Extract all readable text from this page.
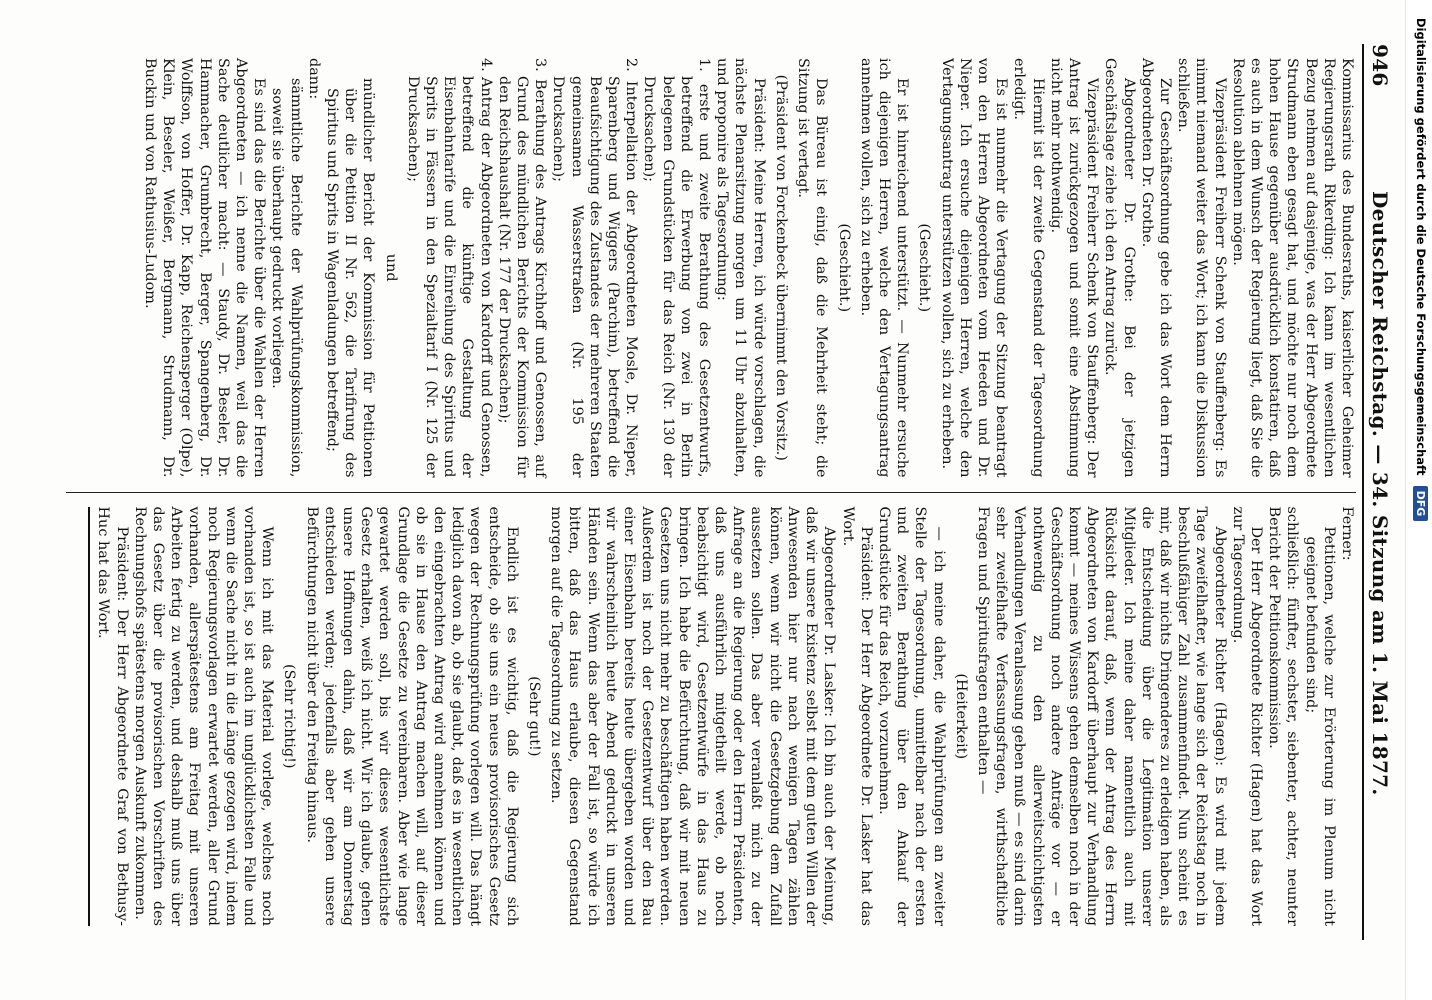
946
Deutscher Reichstag. — 34. Sitzung am 1. Mai 1877.

Kommissarius des Bundesraths, kaiserlicher Geheimer Regierungsrath Rikerding: Ich kann im wesentlichen Bezug nehmen auf dasjenige, was der Herr Abgeordnete Strudmann eben gesagt hat, und möchte nur noch dem hohen Hause gegenüber ausdrücklich konstatiren, daß es auch in dem Wunsch der Regierung liegt, daß Sie die Resolution ablehnen mögen.

Vizepräsident Freiherr Schenk von Stauffenberg: Es nimmt niemand weiter das Wort; ich kann die Diskussion schließen.

Zur Geschäftsordnung gebe ich das Wort dem Herrn Abgeordneten Dr. Grothe.

Abgeordneter Dr. Grothe: Bei der jetzigen Geschäftslage ziehe ich den Antrag zurück.

Vizepräsident Freiherr Schenk von Stauffenberg: Der Antrag ist zurückgezogen und somit eine Abstimmung nicht mehr nothwendig.

Hiermit ist der zweite Gegenstand der Tagesordnung erledigt.

Es ist nunmehr die Vertagung der Sitzung beantragt von den Herren Abgeordneten vom Heeden und Dr. Nieper. Ich ersuche diejenigen Herren, welche den Vertagungsantrag unterstützen wollen, sich zu erheben.

(Geschieht.)

Er ist hinreichend unterstützt. — Nunmehr ersuche ich diejenigen Herren, welche den Vertagungsantrag annehmen wollen, sich zu erheben.

(Geschieht.)

Das Büreau ist einig, daß die Mehrheit steht; die Sitzung ist vertagt.

(Präsident von Forckenbeck übernimmt den Vorsitz.)

Präsident: Meine Herren, ich würde vorschlagen, die nächste Plenarsitzung morgen um 11 Uhr abzuhalten, und proponire als Tagesordnung:

1. erste und zweite Berathung des Gesetzentwurfs, betreffend die Erwerbung von zwei in Berlin belegenen Grundstücken für das Reich (Nr. 130 der Drucksachen);
2. Interpellation der Abgeordneten Mosle, Dr. Nieper, Sparenberg und Wiggers (Parchim), betreffend die Beaufsichtigung des Zustandes der mehreren Staaten gemeinsamen Wasserstraßen (Nr. 195 der Drucksachen);
3. Berathung des Antrags Kirchhoff und Genossen, auf Grund des mündlichen Berichts der Kommission für den Reichshaushalt (Nr. 177 der Drucksachen);
4. Antrag der Abgeordneten von Kardorff und Genossen, betreffend die künftige Gestaltung der Eisenbahntarife und die Einreihung des Spiritus und Sprits in Fässern in den Spezialtarif I (Nr. 125 der Drucksachen);

und

mündlicher Bericht der Kommission für Petitionen über die Petition II Nr. 562, die Tarifirung des Spiritus und Sprits in Wagenladungen betreffend;

dann:

sämmtliche Berichte der Wahlprüfungskommission, soweit sie überhaupt gedruckt vorliegen.

Es sind das die Berichte über die Wahlen der Herren Abgeordneten — ich nenne die Namen, weil das die Sache deutlicher macht: — Staudy, Dr. Beseler, Dr. Hammacher, Grumbrecht, Berger, Spangenberg, Dr. Wolffson, von Hoffer, Dr. Kapp, Reichensperger (Olpe), Klein, Beseler, Weißer, Bergmann, Strudmann, Dr. Buckin und von Rathusius-Ludom.

Ferner:

Petitionen, welche zur Erörterung im Plenum nicht geeignet befunden sind;

schließlich: fünfter, sechster, siebenter, achter, neunter Bericht der Petitionskommission.

Der Herr Abgeordnete Richter (Hagen) hat das Wort zur Tagesordnung.

Abgeordneter Richter (Hagen): Es wird mit jedem Tage zweifelhafter, wie lange sich der Reichstag noch in beschlußfähiger Zahl zusammenfindet. Nun scheint es mir, daß wir nichts Dringenderes zu erledigen haben, als die Entscheidung über die Legitimation unserer Mitglieder. Ich meine daher namentlich auch mit Rücksicht darauf, daß, wenn der Antrag des Herrn Abgeordneten von Kardorff überhaupt zur Verhandlung kommt — meines Wissens gehen demselben noch in der Geschäftsordnung noch andere Anträge vor — er nothwendig zu den allerweitschichtigsten Verhandlungen Veranlassung geben muß — es sind darin sehr zweifelhafte Verfassungsfragen, wirthschaftliche Fragen und Spiritusfragen enthalten —

(Heiterkeit)

— ich meine daher, die Wahlprüfungen an zweiter Stelle der Tagesordnung, unmittelbar nach der ersten und zweiten Berathung über den Ankauf der Grundstücke für das Reich, vorzunehmen.

Präsident: Der Herr Abgeordnete Dr. Lasker hat das Wort.

Abgeordneter Dr. Lasker: Ich bin auch der Meinung, daß wir unsere Existenz selbst mit dem guten Willen der Anwesenden hier nur nach wenigen Tagen zählen können, wenn wir nicht die Gesetzgebung dem Zufall aussetzen sollen. Das aber veranlaßt mich zu der Anfrage an die Regierung oder den Herrn Präsidenten, daß uns ausführlich mitgetheilt werde, ob noch beabsichtigt wird, Gesetzentwürfe in das Haus zu bringen. Ich habe die Befürchtung, daß wir mit neuen Gesetzen uns nicht mehr zu beschäftigen haben werden. Außerdem ist noch der Gesetzentwurf über den Bau einer Eisenbahn bereits heute übergeben worden und wir wahrscheinlich heute Abend gedruckt in unseren Händen sein. Wenn das aber der Fall ist, so würde ich bitten, daß das Haus erlaube, diesen Gegenstand morgen auf die Tagesordnung zu setzen.

(Sehr gut!)

Endlich ist es wichtig, daß die Regierung sich entscheide, ob sie uns ein neues provisorisches Gesetz wegen der Rechnungsprüfung vorlegen will. Das hängt lediglich davon ab, ob sie glaubt, daß es in wesentlichen den eingebrachten Antrag wird annehmen können und ob sie in Hause den Antrag machen will, auf dieser Grundlage die Gesetze zu vereinbaren. Aber wie lange gewartet werden soll, bis wir dieses wesentlichste Gesetz erhalten, weiß ich nicht. Wir ich glaube, gehen unsere Hoffnungen dahin, daß wir am Donnerstag entschieden werden; jedenfalls aber gehen unsere Befürchtungen nicht über den Freitag hinaus.

(Sehr richtig!)

Wenn ich mit das Material vorlege, welches noch vorhanden ist, so ist auch im unglücklichsten Falle und wenn die Sache nicht in die Länge gezogen wird, indem noch Regierungsvorlagen erwartet werden, aller Grund vorhanden, allerspätestens am Freitag mit unseren Arbeiten fertig zu werden, und deshalb muß uns über das Gesetz über die provisorischen Vorschriften des Rechnungshofs spätestens morgen Auskunft zukommen.

Präsident: Der Herr Abgeordnete Graf von Bethusy-Huc hat das Wort.

Digitalisierung gefördert durch die Deutsche Forschungsgemeinschaft DFG
